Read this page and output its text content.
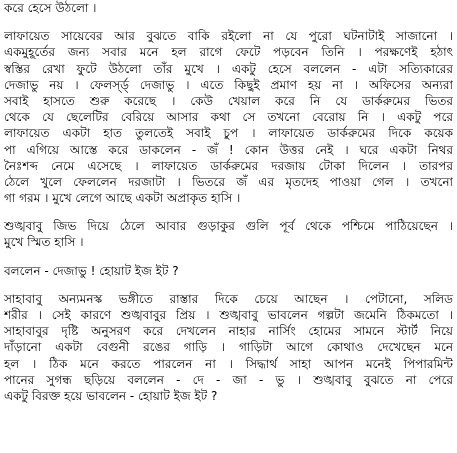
করে হেসে উঠলো ।
লাফায়েত সায়েবের আর বুঝতে বাকি রইলো না যে পুরো ঘটনাটাই সাজানো ।
একমুহূর্তের জন্য সবার মনে হল রাগে ফেটে পড়বেন তিনি । পরক্ষণেই হঠাৎ
স্বস্তির রেখা ফুটে উঠলো তাঁর মুখে । একটু হেসে বললেন - এটা সত্যিকারের
দেজাভু নয় । ফেলর্স্ড্ দেজাভু । এতে কিছুই প্রমাণ হয় না । অফিসের অন্যরা
সবাই হাসতে শুরু করেছে । কেউ খেয়াল করে নি যে ডার্করুমের ভিতর
থেকে যে ছেলেটির বেরিয়ে আসার কথা সে তখনো বেরোয় নি । একটু পরে
লাফায়েত একটা হাত তুলতেই সবাই চুপ । লাফায়েত ডার্করুমের দিকে কয়েক
পা এগিয়ে আস্তে করে ডাকলেন - জঁ ! কোন উত্তর নেই । ঘরে একটা নিথর
নৈঃশব্দ নেমে এসেছে । লাফায়েত ডার্করুমের দরজায় টোকা দিলেন । তারপর
ঠেলে খুলে ফেললেন দরজাটা । ভিতরে জঁ এর মৃতদেহ পাওয়া গেল । তখনো
গা গরম । মুখে লেগে আছে একটা অপ্রাকৃত হাসি ।
শুঙ্খবাবু জিভ দিয়ে ঠেলে আবার গুড়াকুর গুলি পূর্ব থেকে পশ্চিমে পাঠিয়েছেন ।
মুখে স্মিত হাসি ।
বললেন - দেজাভু ! হোয়াট ইজ ইট ?
সাহাবাবু অন্যমনস্ক ভঙ্গীতে রাস্তার দিকে চেয়ে আছেন । পেটানো, সলিড
শরীর । সেই কারণে শুঙ্খবাবুর প্রিয় । শুঙ্খবাবু ভাবলেন গল্পটা জমেনি ঠিকমতো ।
সাহাবাবুর দৃষ্টি অনুসরণ করে দেখলেন নাহার নার্সিং হোমের সামনে স্টার্ট নিয়ে
দাঁড়ানো একটা বেগুনী রঙের গাড়ি । গাড়িটা আগে কোথাও দেখেছেন মনে
হল । ঠিক মনে করতে পারলেন না । সিদ্ধার্থ সাহা আপন মনেই পিপারমিন্ট
পানের সুগন্ধ ছড়িয়ে বললেন - দে - জা - ভু । শুঙ্খবাবু বুঝতে না পেরে
একটু বিরক্ত হয়ে ভাবলেন - হোয়াট ইজ ইট ?
